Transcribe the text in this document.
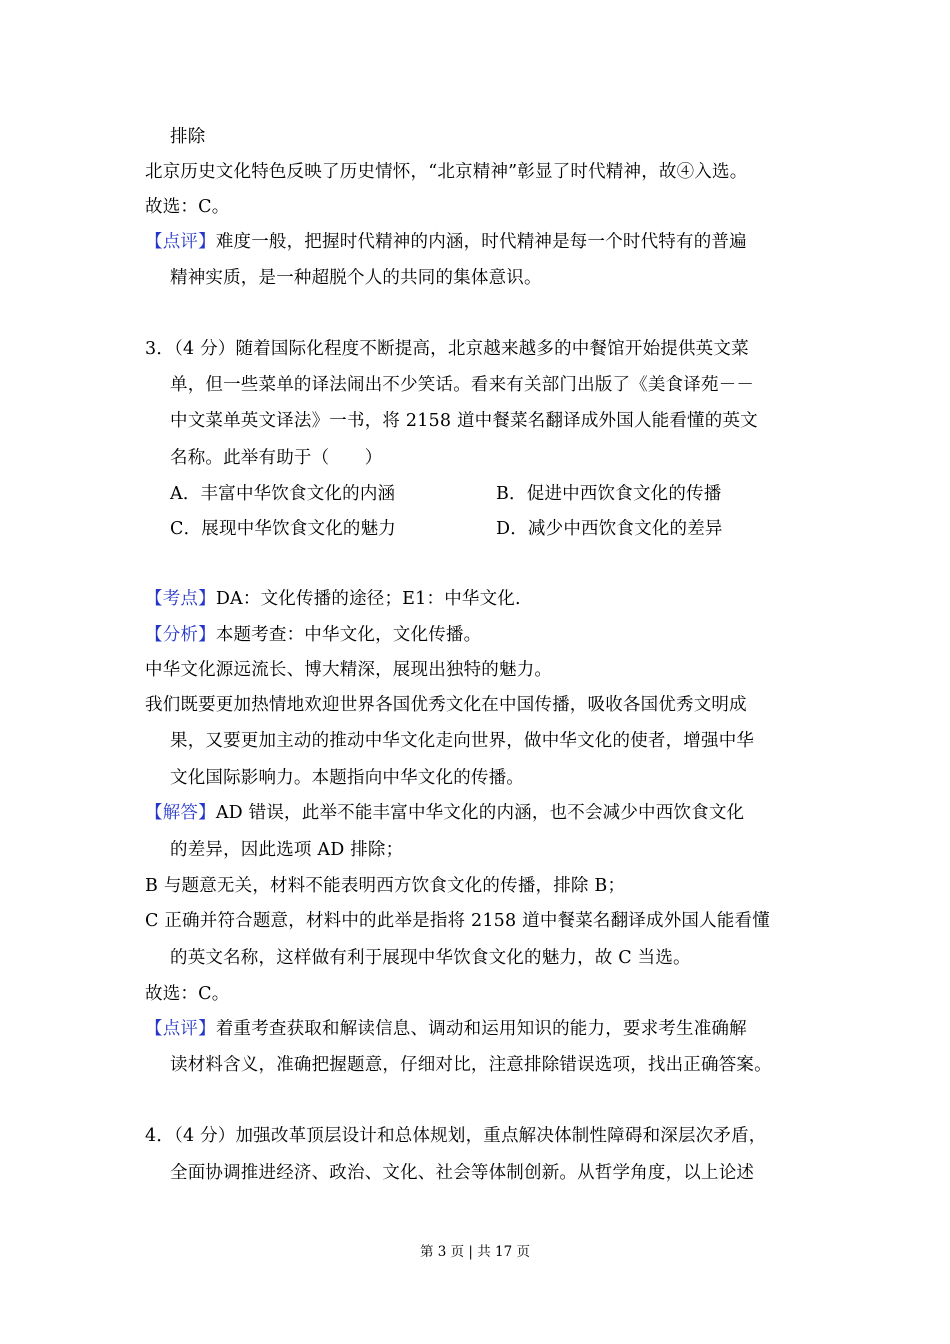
排除
北京历史文化特色反映了历史情怀，“北京精神”彰显了时代精神，故④入选。
故选：C。
【点评】难度一般，把握时代精神的内涵，时代精神是每一个时代特有的普遍
精神实质，是一种超脱个人的共同的集体意识。
3．（4 分）随着国际化程度不断提高，北京越来越多的中餐馆开始提供英文菜
单，但一些菜单的译法闹出不少笑话。看来有关部门出版了《美食译苑－－
中文菜单英文译法》一书，将 2158 道中餐菜名翻译成外国人能看懂的英文
名称。此举有助于（　　）
A．丰富中华饮食文化的内涵	B．促进中西饮食文化的传播
C．展现中华饮食文化的魅力	D．减少中西饮食文化的差异
【考点】DA：文化传播的途径；E1：中华文化.
【分析】本题考查：中华文化，文化传播。
中华文化源远流长、博大精深，展现出独特的魅力。
我们既要更加热情地欢迎世界各国优秀文化在中国传播，吸收各国优秀文明成
果，又要更加主动的推动中华文化走向世界，做中华文化的使者，增强中华
文化国际影响力。本题指向中华文化的传播。
【解答】AD 错误，此举不能丰富中华文化的内涵，也不会减少中西饮食文化
的差异，因此选项 AD 排除；
B 与题意无关，材料不能表明西方饮食文化的传播，排除 B；
C 正确并符合题意，材料中的此举是指将 2158 道中餐菜名翻译成外国人能看懂
的英文名称，这样做有利于展现中华饮食文化的魅力，故 C 当选。
故选：C。
【点评】着重考查获取和解读信息、调动和运用知识的能力，要求考生准确解
读材料含义，准确把握题意，仔细对比，注意排除错误选项，找出正确答案。
4．（4 分）加强改革顶层设计和总体规划，重点解决体制性障碍和深层次矛盾，
全面协调推进经济、政治、文化、社会等体制创新。从哲学角度，以上论述
第 3 页 | 共 17 页
